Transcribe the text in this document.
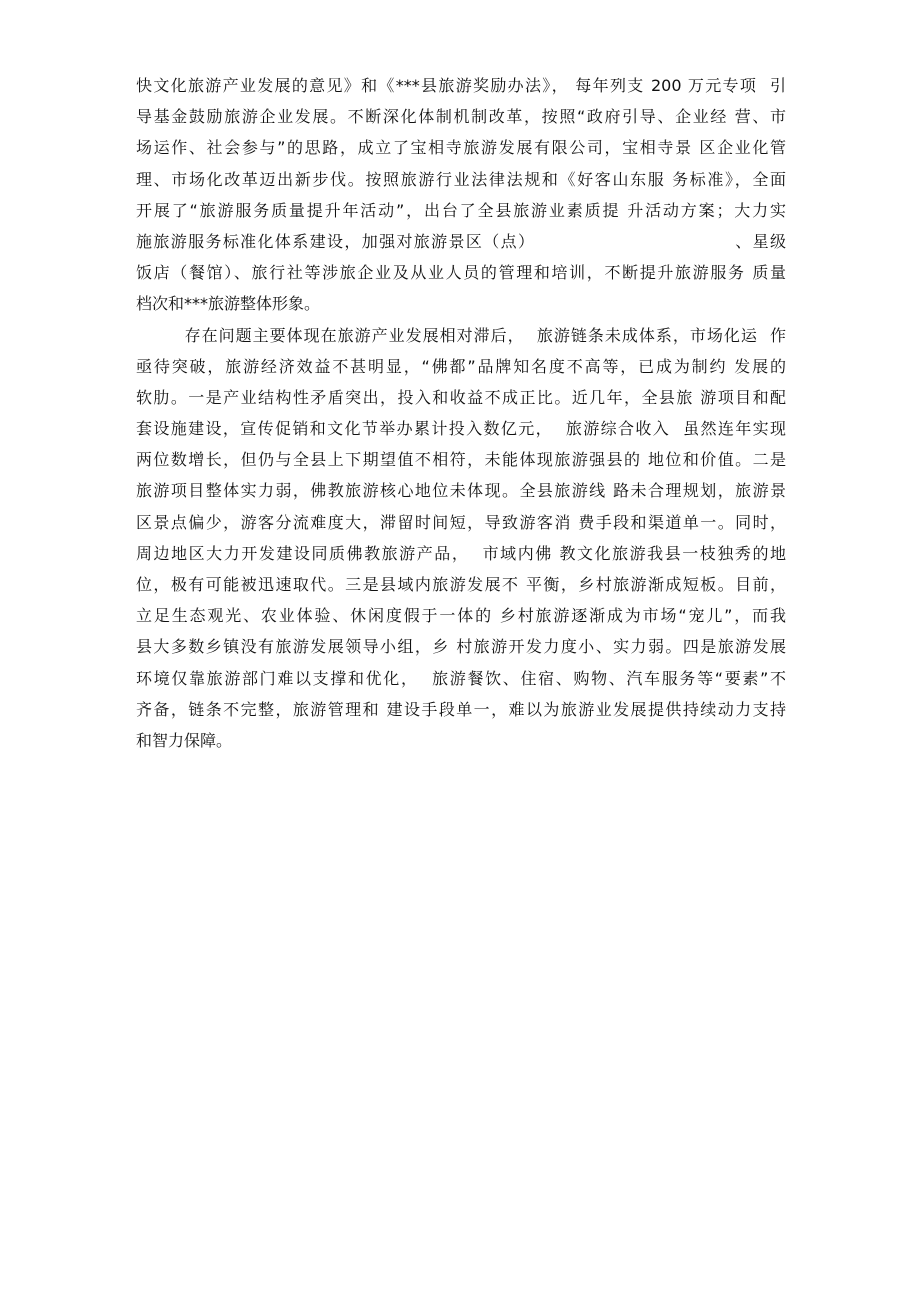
快文化旅游产业发展的意见》和《***县旅游奖励办法》， 每年列支 200 万元专项  引
导基金鼓励旅游企业发展。不断深化体制机制改革，按照“政府引导、企业经 营、市
场运作、社会参与”的思路，成立了宝相寺旅游发展有限公司，宝相寺景 区企业化管
理、市场化改革迈出新步伐。按照旅游行业法律法规和《好客山东服 务标准》，全面
开展了“旅游服务质量提升年活动”，出台了全县旅游业素质提 升活动方案；大力实
施旅游服务标准化体系建设，加强对旅游景区（点）                               、星级
饭店（餐馆）、旅行社等涉旅企业及从业人员的管理和培训，不断提升旅游服务 质量
档次和***旅游整体形象。
存在问题主要体现在旅游产业发展相对滞后，  旅游链条未成体系，市场化运  作
亟待突破，旅游经济效益不甚明显，“佛都”品牌知名度不高等，已成为制约 发展的
软肋。一是产业结构性矛盾突出，投入和收益不成正比。近几年，全县旅 游项目和配
套设施建设，宣传促销和文化节举办累计投入数亿元，  旅游综合收入  虽然连年实现
两位数增长，但仍与全县上下期望值不相符，未能体现旅游强县的 地位和价值。二是
旅游项目整体实力弱，佛教旅游核心地位未体现。全县旅游线 路未合理规划，旅游景
区景点偏少，游客分流难度大，滞留时间短，导致游客消 费手段和渠道单一。同时，
周边地区大力开发建设同质佛教旅游产品，  市域内佛 教文化旅游我县一枝独秀的地
位，极有可能被迅速取代。三是县域内旅游发展不 平衡，乡村旅游渐成短板。目前，
立足生态观光、农业体验、休闲度假于一体的 乡村旅游逐渐成为市场“宠儿”，而我
县大多数乡镇没有旅游发展领导小组，乡 村旅游开发力度小、实力弱。四是旅游发展
环境仅靠旅游部门难以支撑和优化，  旅游餐饮、住宿、购物、汽车服务等“要素”不
齐备，链条不完整，旅游管理和 建设手段单一，难以为旅游业发展提供持续动力支持
和智力保障。
